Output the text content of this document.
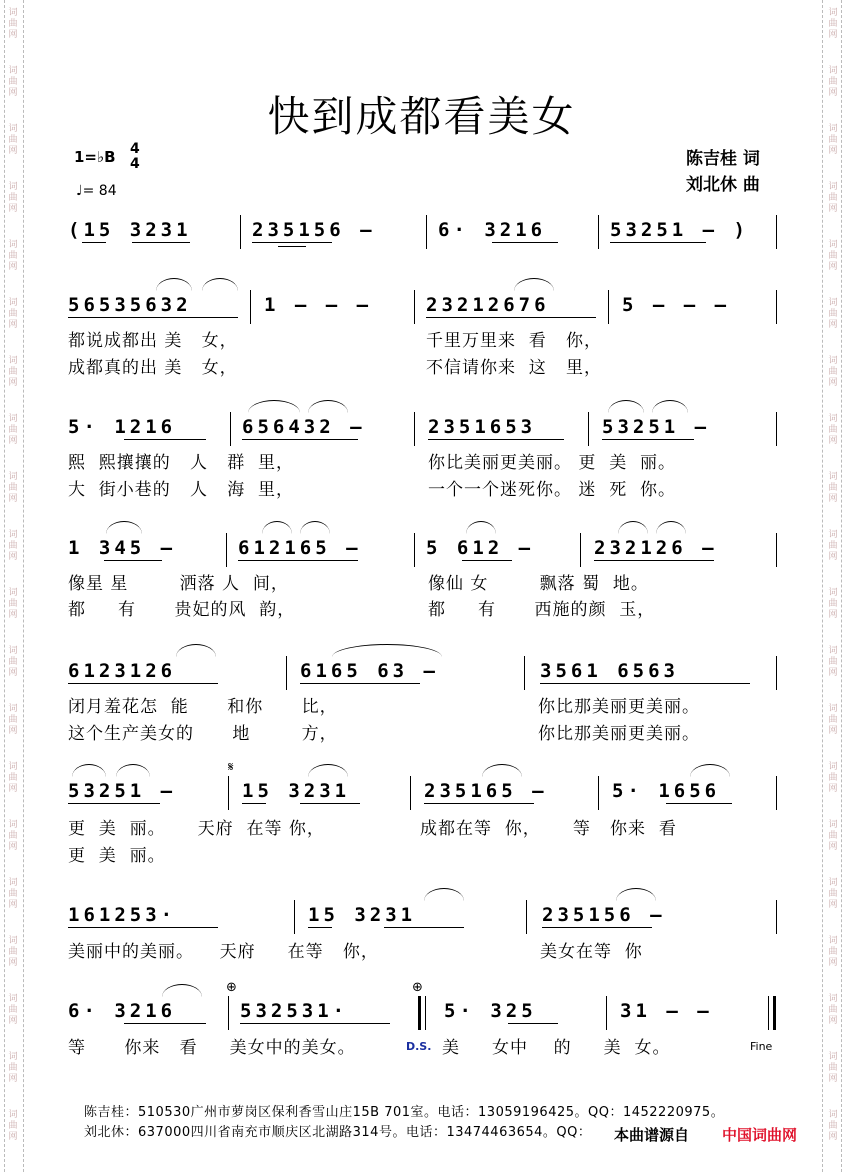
词
曲
网
词
曲
网
词
曲
网
词
曲
网
词
曲
网
词
曲
网
词
曲
网
词
曲
网
词
曲
网
词
曲
网
词
曲
网
词
曲
网
词
曲
网
词
曲
网
词
曲
网
词
曲
网
词
曲
网
词
曲
网
词
曲
网
词
曲
网
词
曲
网
词
曲
网
词
曲
网
词
曲
网
词
曲
网
词
曲
网
词
曲
网
词
曲
网
词
曲
网
词
曲
网
词
曲
网
词
曲
网
词
曲
网
词
曲
网
词
曲
网
词
曲
网
词
曲
网
词
曲
网
词
曲
网
词
曲
网
快到成都看美女
1=♭B 4
4
♩= 84
陈吉桂 词
刘北休 曲
(15 3231	235156 –	6· 3216	53251 – )
56535632	1 – – –	23212676	5 – – –
都说成都出 美   女，	千里万里来  看   你，
成都真的出 美   女，	不信请你来  这   里，
5· 1216	656432 –	2351653	53251 –
熙  熙攘攘的   人   群  里，	你比美丽更美丽。 更  美  丽。
大  街小巷的   人   海  里，	一个一个迷死你。 迷  死  你。
1 345 –	612165 –	5 612 –	232126 –
像星 星        洒落 人  间，	像仙 女        飘落 蜀  地。
都     有      贵妃的风  韵，	都     有      西施的颜  玉，
6123126	6165 63 –	3561 6563
闭月羞花怎  能      和你      比，	你比那美丽更美丽。
这个生产美女的      地        方，	你比那美丽更美丽。
𝄋
53251 –	15 3231	235165 –	5· 1656
更  美  丽。     天府  在等 你，	成都在等  你，     等   你来  看
更  美  丽。
161253·	15 3231	235156 –
美丽中的美丽。    天府     在等   你，	美女在等  你
⊕	⊕
6· 3216	532531·	5· 325	31 – –
等      你来   看     美女中的美女。	D.S. 美     女中    的     美  女。	Fine
陈吉桂：510530广州市萝岗区保利香雪山庄15B 701室。电话：13059196425。QQ：1452220975。
刘北休：637000四川省南充市顺庆区北湖路314号。电话：13474463654。QQ： 本曲谱源自 中国词曲网
